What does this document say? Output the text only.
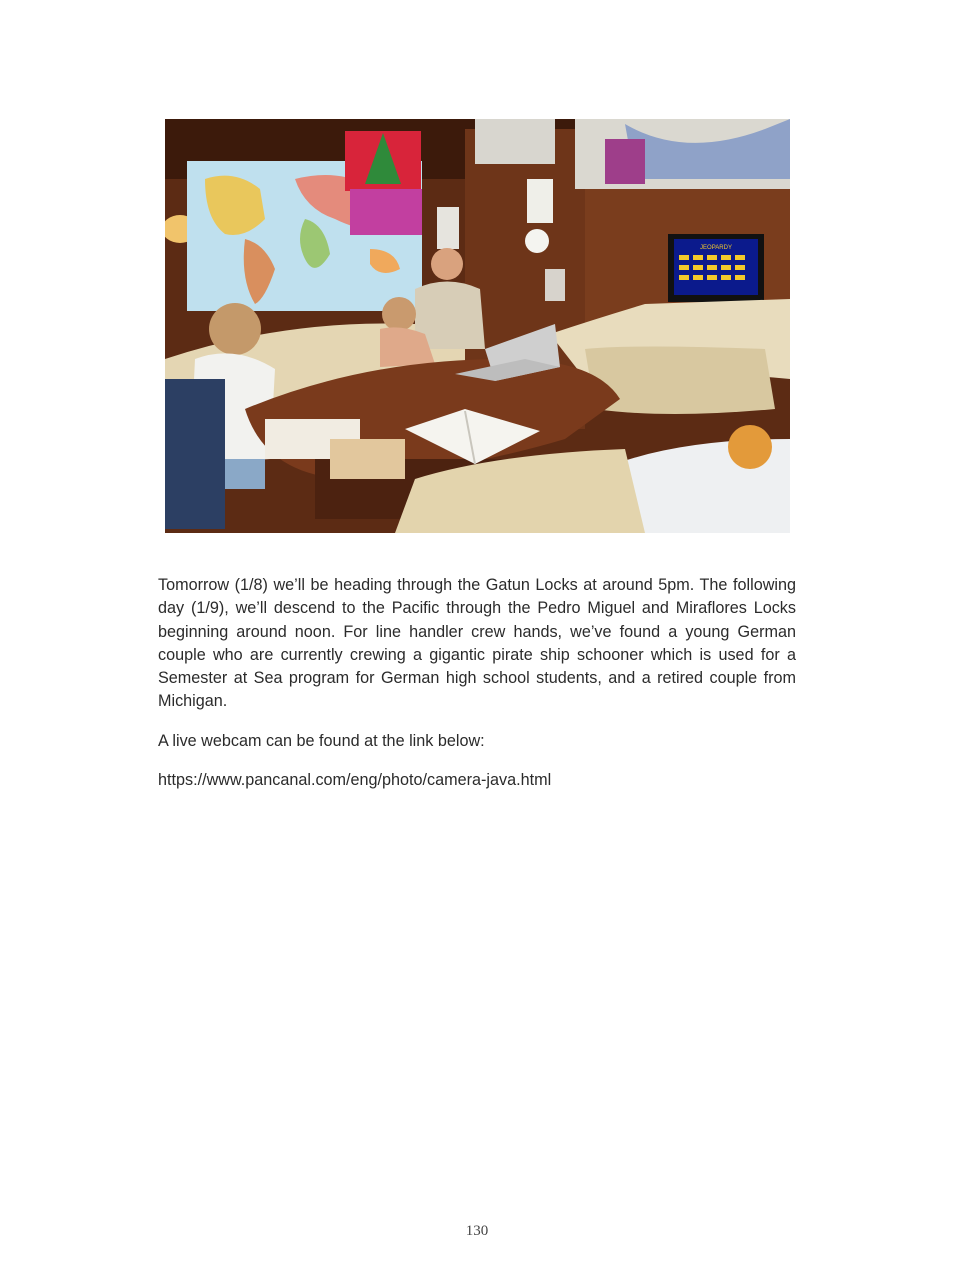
JEOPARDY

Tomorrow (1/8) we’ll be heading through the Gatun Locks at around 5pm. The following day (1/9), we’ll descend to the Pacific through the Pedro Miguel and Miraflores Locks beginning around noon. For line handler crew hands, we’ve found a young German couple who are currently crewing a gigantic pirate ship schooner which is used for a Semester at Sea program for German high school students, and a retired couple from Michigan.

A live webcam can be found at the link below:

https://www.pancanal.com/eng/photo/camera-java.html

130
